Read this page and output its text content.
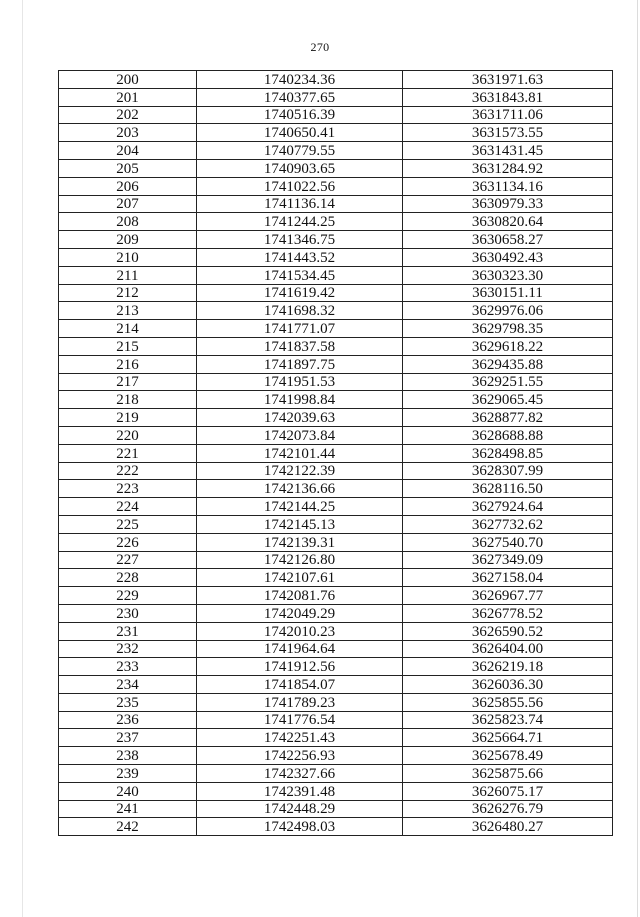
270
200	1740234.36	3631971.63
201	1740377.65	3631843.81
202	1740516.39	3631711.06
203	1740650.41	3631573.55
204	1740779.55	3631431.45
205	1740903.65	3631284.92
206	1741022.56	3631134.16
207	1741136.14	3630979.33
208	1741244.25	3630820.64
209	1741346.75	3630658.27
210	1741443.52	3630492.43
211	1741534.45	3630323.30
212	1741619.42	3630151.11
213	1741698.32	3629976.06
214	1741771.07	3629798.35
215	1741837.58	3629618.22
216	1741897.75	3629435.88
217	1741951.53	3629251.55
218	1741998.84	3629065.45
219	1742039.63	3628877.82
220	1742073.84	3628688.88
221	1742101.44	3628498.85
222	1742122.39	3628307.99
223	1742136.66	3628116.50
224	1742144.25	3627924.64
225	1742145.13	3627732.62
226	1742139.31	3627540.70
227	1742126.80	3627349.09
228	1742107.61	3627158.04
229	1742081.76	3626967.77
230	1742049.29	3626778.52
231	1742010.23	3626590.52
232	1741964.64	3626404.00
233	1741912.56	3626219.18
234	1741854.07	3626036.30
235	1741789.23	3625855.56
236	1741776.54	3625823.74
237	1742251.43	3625664.71
238	1742256.93	3625678.49
239	1742327.66	3625875.66
240	1742391.48	3626075.17
241	1742448.29	3626276.79
242	1742498.03	3626480.27
